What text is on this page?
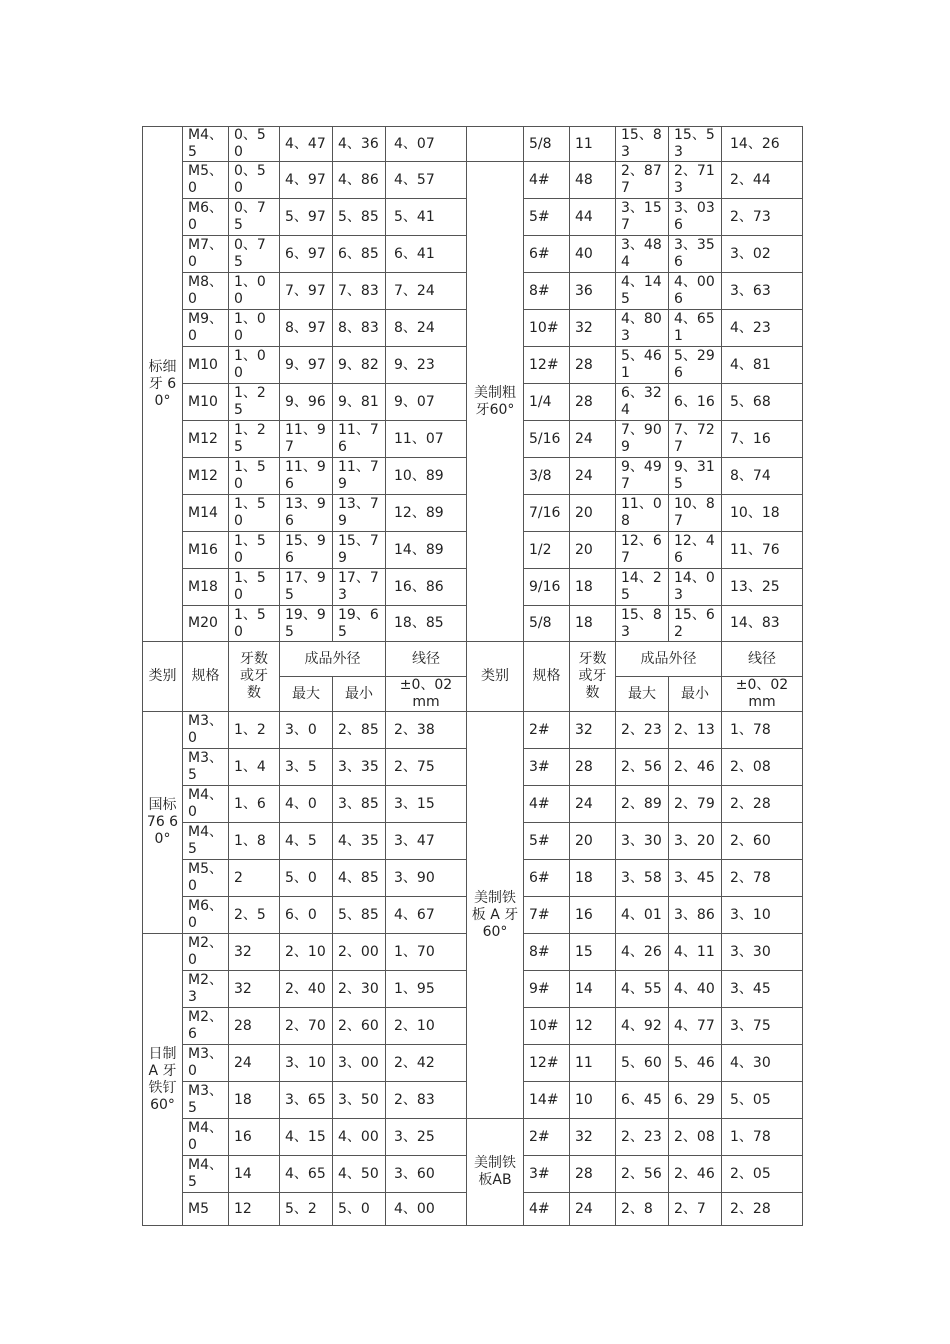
标细牙 60°	M4、5	0、50	4、47	4、36	4、07		5/8	11	15、83	15、53	14、26
	M5、0	0、50	4、97	4、86	4、57	美制粗牙60°	4#	48	2、877	2、713	2、44
	M6、0	0、75	5、97	5、85	5、41		5#	44	3、157	3、036	2、73
	M7、0	0、75	6、97	6、85	6、41		6#	40	3、484	3、356	3、02
	M8、0	1、00	7、97	7、83	7、24		8#	36	4、145	4、006	3、63
	M9、0	1、00	8、97	8、83	8、24		10#	32	4、803	4、651	4、23
	M10	1、00	9、97	9、82	9、23		12#	28	5、461	5、296	4、81
	M10	1、25	9、96	9、81	9、07		1/4	28	6、324	6、16	5、68
	M12	1、25	11、97	11、76	11、07		5/16	24	7、909	7、727	7、16
	M12	1、50	11、96	11、79	10、89		3/8	24	9、497	9、315	8、74
	M14	1、50	13、96	13、79	12、89		7/16	20	11、08	10、87	10、18
	M16	1、50	15、96	15、79	14、89		1/2	20	12、67	12、46	11、76
	M18	1、50	17、95	17、73	16、86		9/16	18	14、25	14、03	13、25
	M20	1、50	19、95	19、65	18、85		5/8	18	15、83	15、62	14、83
类别	规格	牙数或牙数	成品外径		线径	类别	规格	牙数或牙数	成品外径		线径
			最大	最小	±0、02 mm				最大	最小	±0、02 mm
国标76 60°	M3、0	1、2	3、0	2、85	2、38	美制铁板 A 牙60°	2#	32	2、23	2、13	1、78
	M3、5	1、4	3、5	3、35	2、75		3#	28	2、56	2、46	2、08
	M4、0	1、6	4、0	3、85	3、15		4#	24	2、89	2、79	2、28
	M4、5	1、8	4、5	4、35	3、47		5#	20	3、30	3、20	2、60
	M5、0	2	5、0	4、85	3、90		6#	18	3、58	3、45	2、78
	M6、0	2、5	6、0	5、85	4、67		7#	16	4、01	3、86	3、10
日制 A 牙铁钉 60°	M2、0	32	2、10	2、00	1、70		8#	15	4、26	4、11	3、30
	M2、3	32	2、40	2、30	1、95		9#	14	4、55	4、40	3、45
	M2、6	28	2、70	2、60	2、10		10#	12	4、92	4、77	3、75
	M3、0	24	3、10	3、00	2、42		12#	11	5、60	5、46	4、30
	M3、5	18	3、65	3、50	2、83		14#	10	6、45	6、29	5、05
	M4、0	16	4、15	4、00	3、25	美制铁板AB	2#	32	2、23	2、08	1、78
	M4、5	14	4、65	4、50	3、60		3#	28	2、56	2、46	2、05
	M5	12	5、2	5、0	4、00		4#	24	2、8	2、7	2、28
